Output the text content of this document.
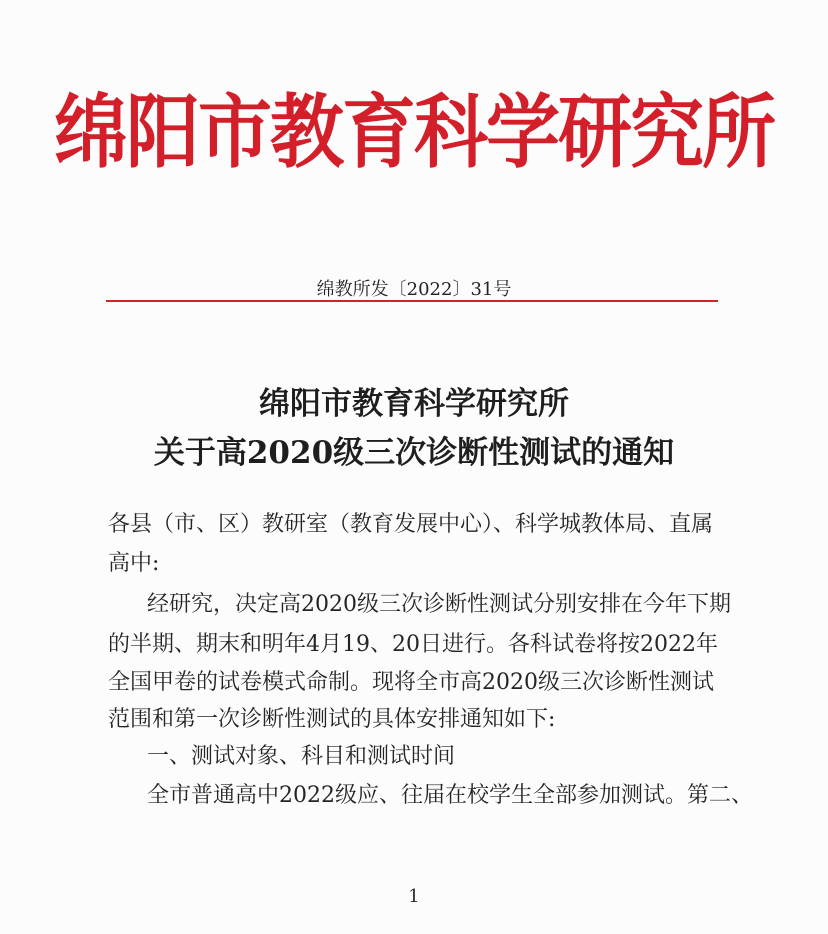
绵阳市教育科学研究所
绵教所发〔2022〕31号
绵阳市教育科学研究所
关于高2020级三次诊断性测试的通知
各县（市、区）教研室（教育发展中心）、科学城教体局、直属
高中:
经研究，决定高2020级三次诊断性测试分别安排在今年下期
的半期、期末和明年4月19、20日进行。各科试卷将按2022年
全国甲卷的试卷模式命制。现将全市高2020级三次诊断性测试
范围和第一次诊断性测试的具体安排通知如下:
一、测试对象、科目和测试时间
全市普通高中2022级应、往届在校学生全部参加测试。第二、
1
